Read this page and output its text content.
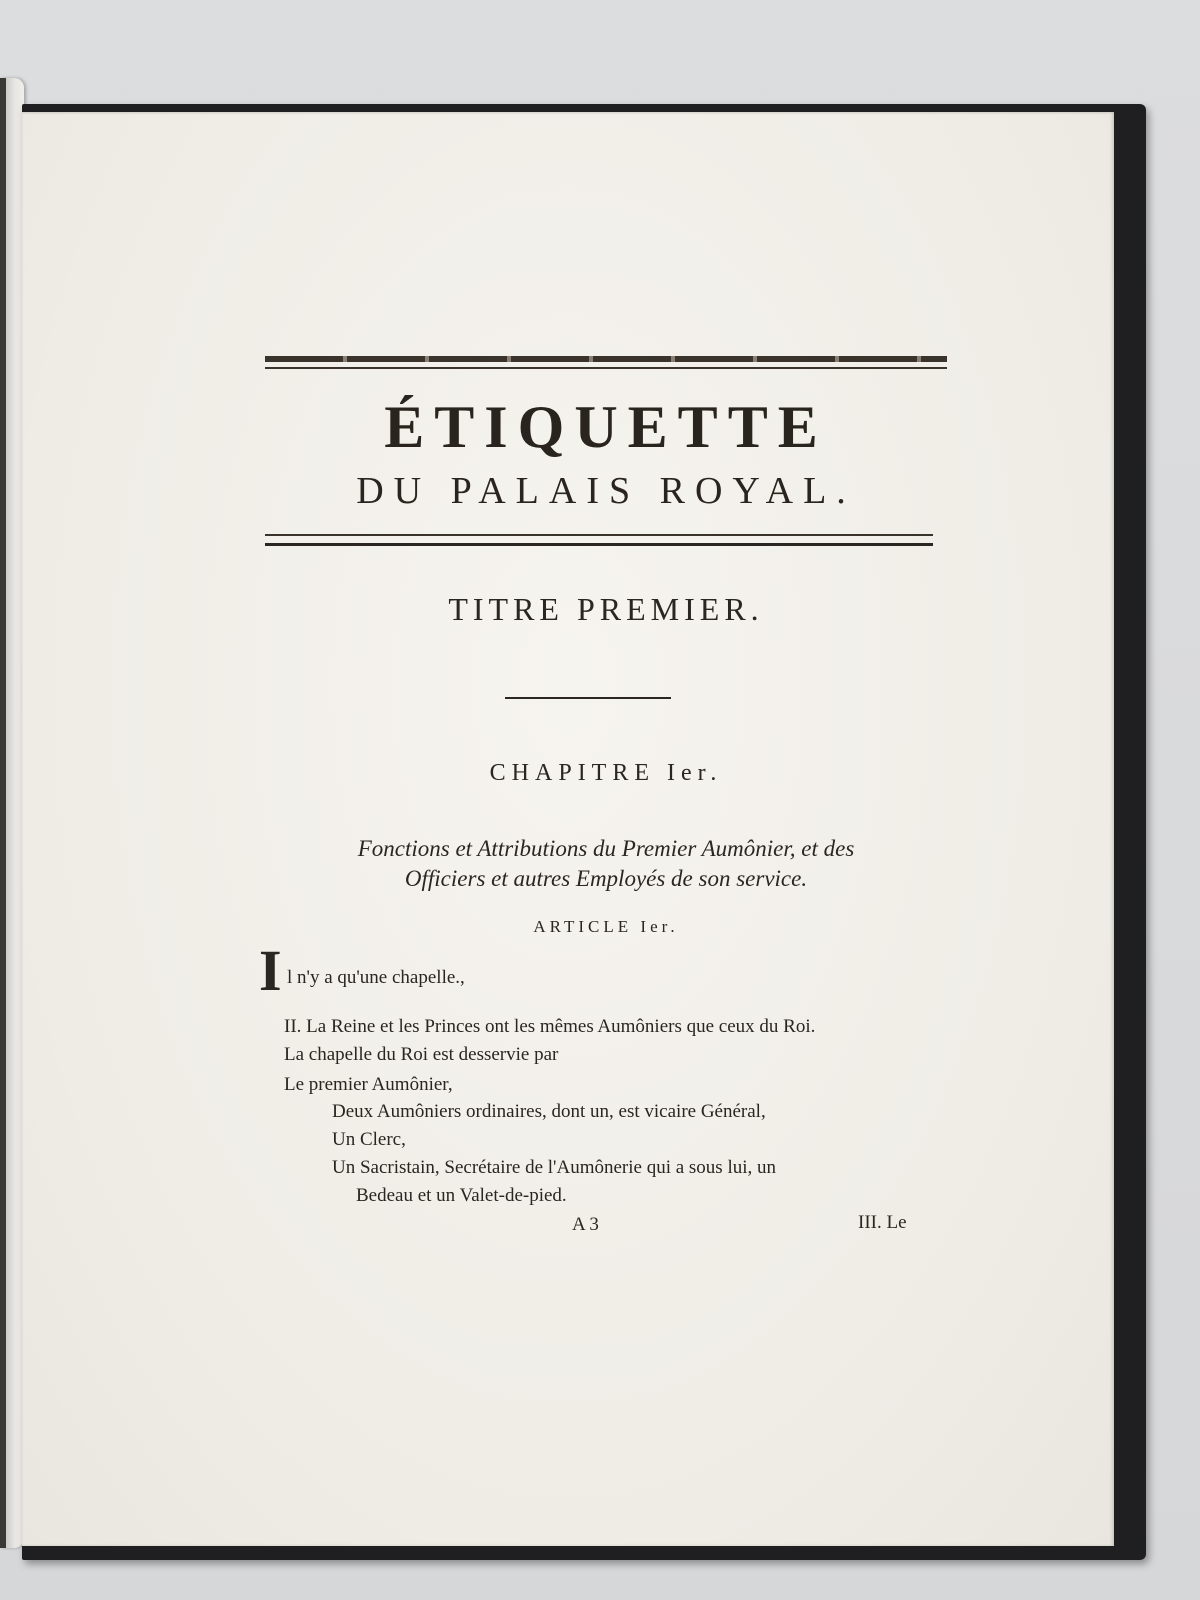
ÉTIQUETTE
DU PALAIS ROYAL.
TITRE PREMIER.
CHAPITRE Ier.
Fonctions et Attributions du Premier Aumônier, et des
Officiers et autres Employés de son service.
ARTICLE Ier.
I l n'y a qu'une chapelle.,
II. La Reine et les Princes ont les mêmes Aumôniers que ceux du Roi.
La chapelle du Roi est desservie par
Le premier Aumônier,
Deux Aumôniers ordinaires, dont un, est vicaire Général,
Un Clerc,
Un Sacristain, Secrétaire de l'Aumônerie qui a sous lui, un
Bedeau et un Valet-de-pied.
A 3	III. Le
